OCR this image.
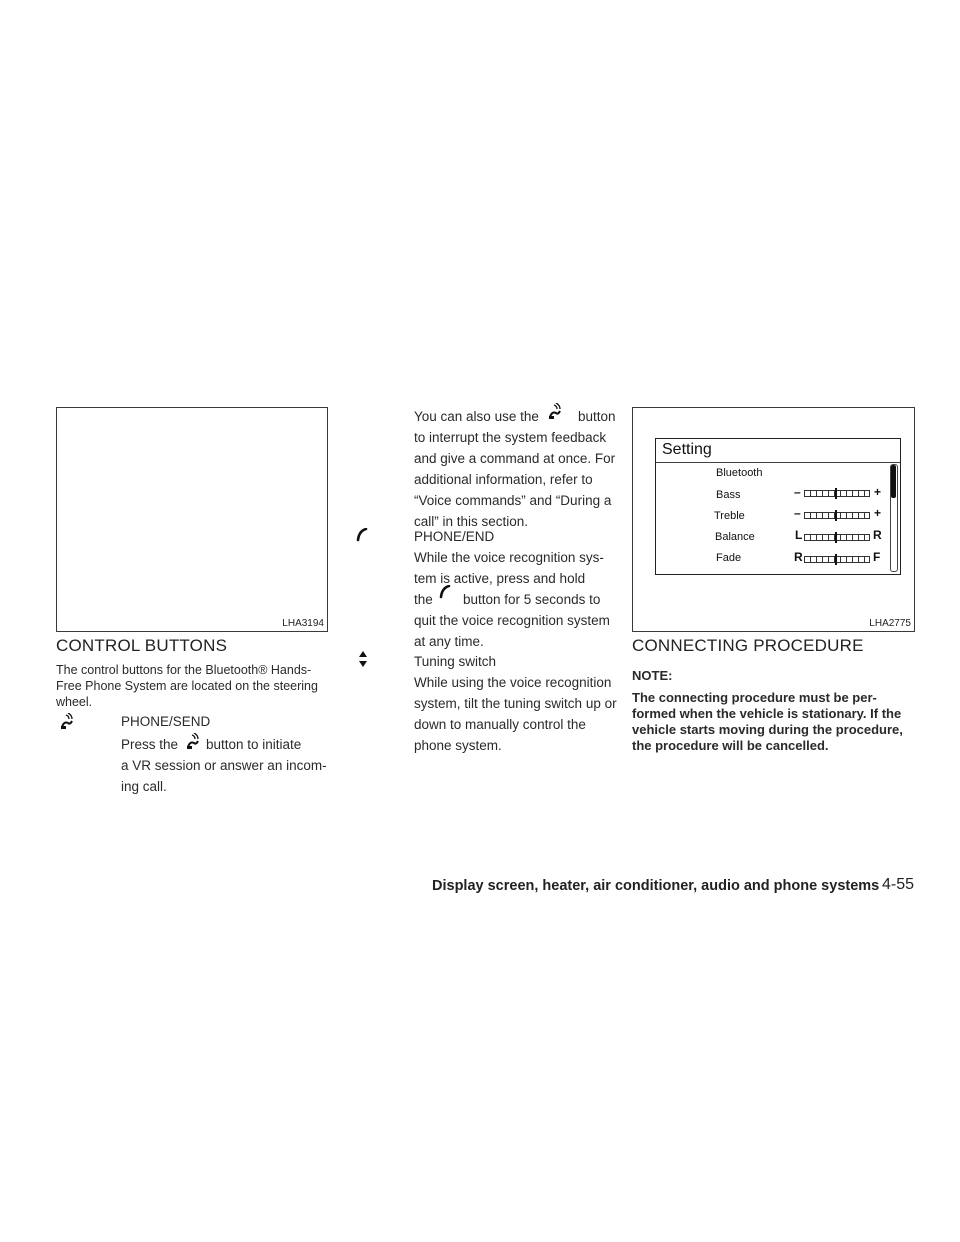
LHA3194
CONTROL BUTTONS
The control buttons for the Bluetooth® Hands-Free Phone System are located on the steering wheel.
PHONE/SEND
Press the button to initiate
a VR session or answer an incom-ing call.
You can also use the	button
to interrupt the system feedback and give a command at once. For additional information, refer to “Voice commands” and “During a call” in this section.
PHONE/END
While the voice recognition sys-tem is active, press and hold
the button for 5 seconds to
quit the voice recognition system at any time.
Tuning switch
While using the voice recognition system, tilt the tuning switch up or down to manually control the phone system.
LHA2775
Setting
Bluetooth
Bass	–	+
Treble	–	+
Balance	L	R
Fade	R	F
CONNECTING PROCEDURE
NOTE:
The connecting procedure must be per-formed when the vehicle is stationary. If the vehicle starts moving during the procedure, the procedure will be cancelled.
Display screen, heater, air conditioner, audio and phone systems 4-55
